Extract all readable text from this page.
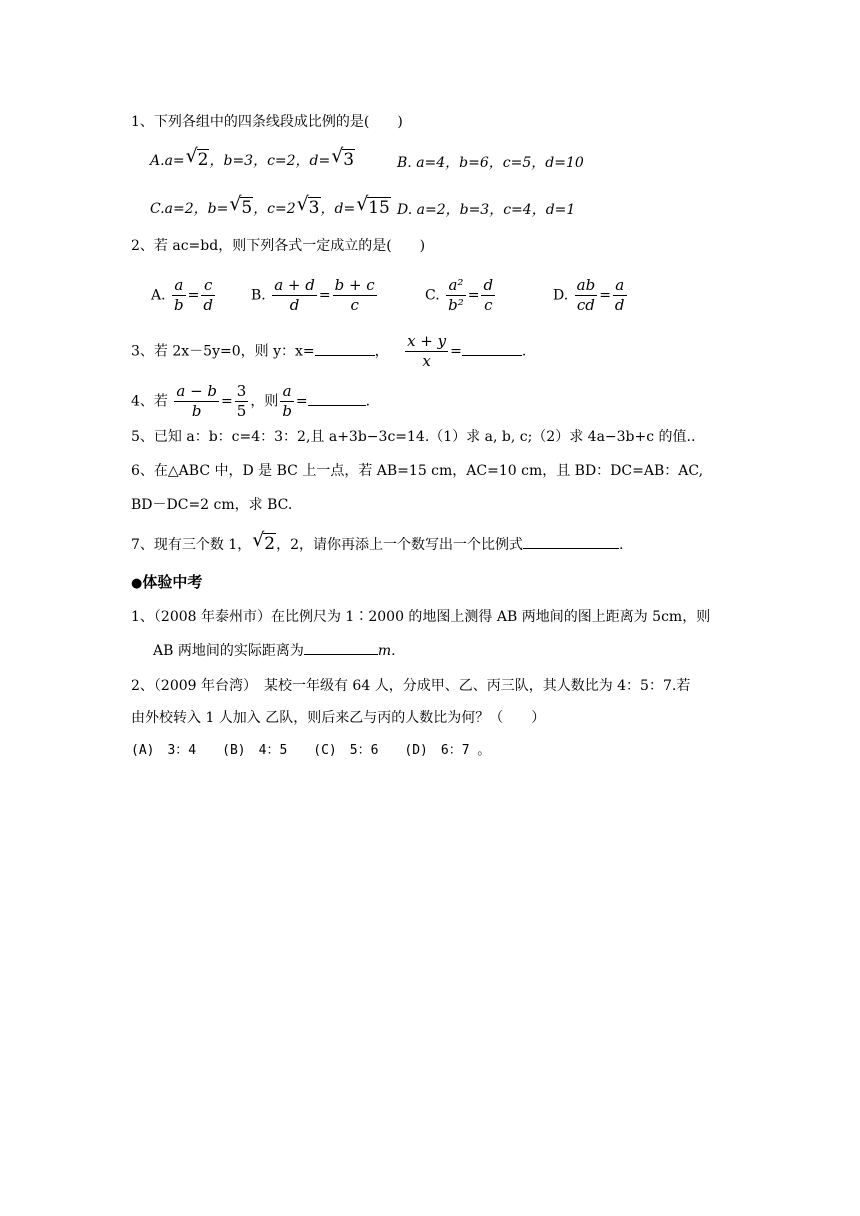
1、下列各组中的四条线段成比例的是(　　)
A.a= √ 2，b=3，c=2，d= √ 3	B. a=4，b=6，c=5，d=10
C.a=2，b= √ 5，c=2 √ 3，d= √ 15 D. a=2，b=3，c=4，d=1
2、若 ac=bd，则下列各式一定成立的是(　　)
A. $\frac{a}{b} = \frac{c}{d}$	B. $\frac{a + d}{d} = \frac{b + c}{c}$	C. $\frac{\text{a²}}{\text{b²}} = \frac{d}{c}$	D. $\frac{ab}{cd} = \frac{a}{d}$
3、若 2x－5y=0，则 y：x=	， $\frac{x + y}{x}$ =	.
4、若 $\frac{a - b}{b} = \frac{3}{5}$ ，则 $\frac{a}{b}$ =	.
5、已知 a：b：c=4：3：2,且 a+3b−3c=14.（1）求 a, b, c;（2）求 4a−3b+c 的值..
6、在△ABC 中，D 是 BC 上一点，若 AB=15 cm，AC=10 cm，且 BD：DC=AB：AC,
BD－DC=2 cm，求 BC.
7、现有三个数 1， √ 2，2，请你再添上一个数写出一个比例式	.
●体验中考
1、（2008 年泰州市）在比例尺为 1∶2000 的地图上测得 AB 两地间的图上距离为 5cm，则
AB 两地间的实际距离为	m.
2、（2009 年台湾）　某校一年级有 64 人，分成甲、乙、丙三队，其人数比为 4：5：7.若
由外校转入 1 人加入 乙队，则后来乙与丙的人数比为何？（　　）
(A)　3：4　　(B)　4：5　　(C)　5：6　　(D)　6：7 。
